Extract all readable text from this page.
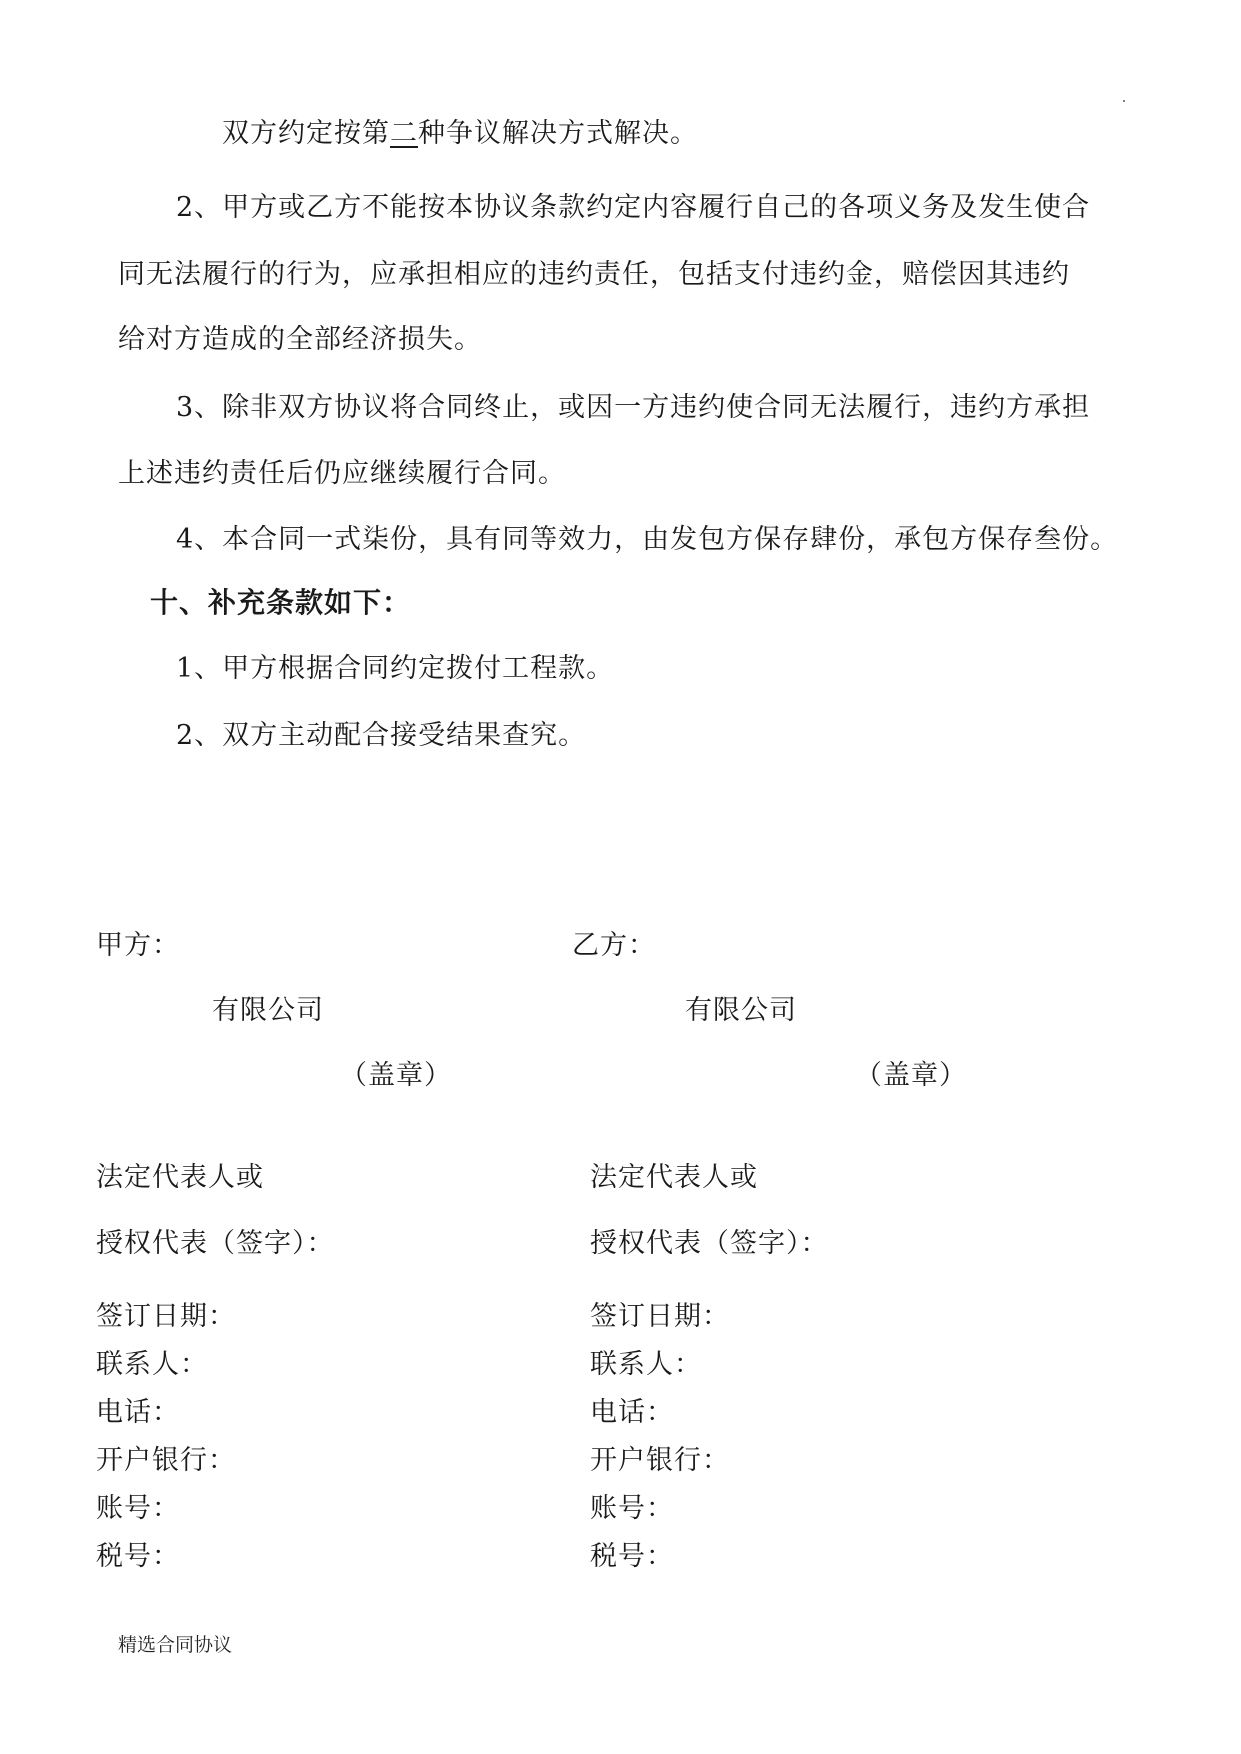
双方约定按第二种争议解决方式解决。
2、甲方或乙方不能按本协议条款约定内容履行自己的各项义务及发生使合
同无法履行的行为，应承担相应的违约责任，包括支付违约金，赔偿因其违约
给对方造成的全部经济损失。
3、除非双方协议将合同终止，或因一方违约使合同无法履行，违约方承担
上述违约责任后仍应继续履行合同。
4、本合同一式柒份，具有同等效力，由发包方保存肆份，承包方保存叁份。
十、补充条款如下：
1、甲方根据合同约定拨付工程款。
2、双方主动配合接受结果查究。
甲方：
有限公司
（盖章）
法定代表人或
授权代表（签字）：
签订日期：
联系人：
电话：
开户银行：
账号：
税号：
乙方：
有限公司
（盖章）
法定代表人或
授权代表（签字）：
签订日期：
联系人：
电话：
开户银行：
账号：
税号：
精选合同协议
